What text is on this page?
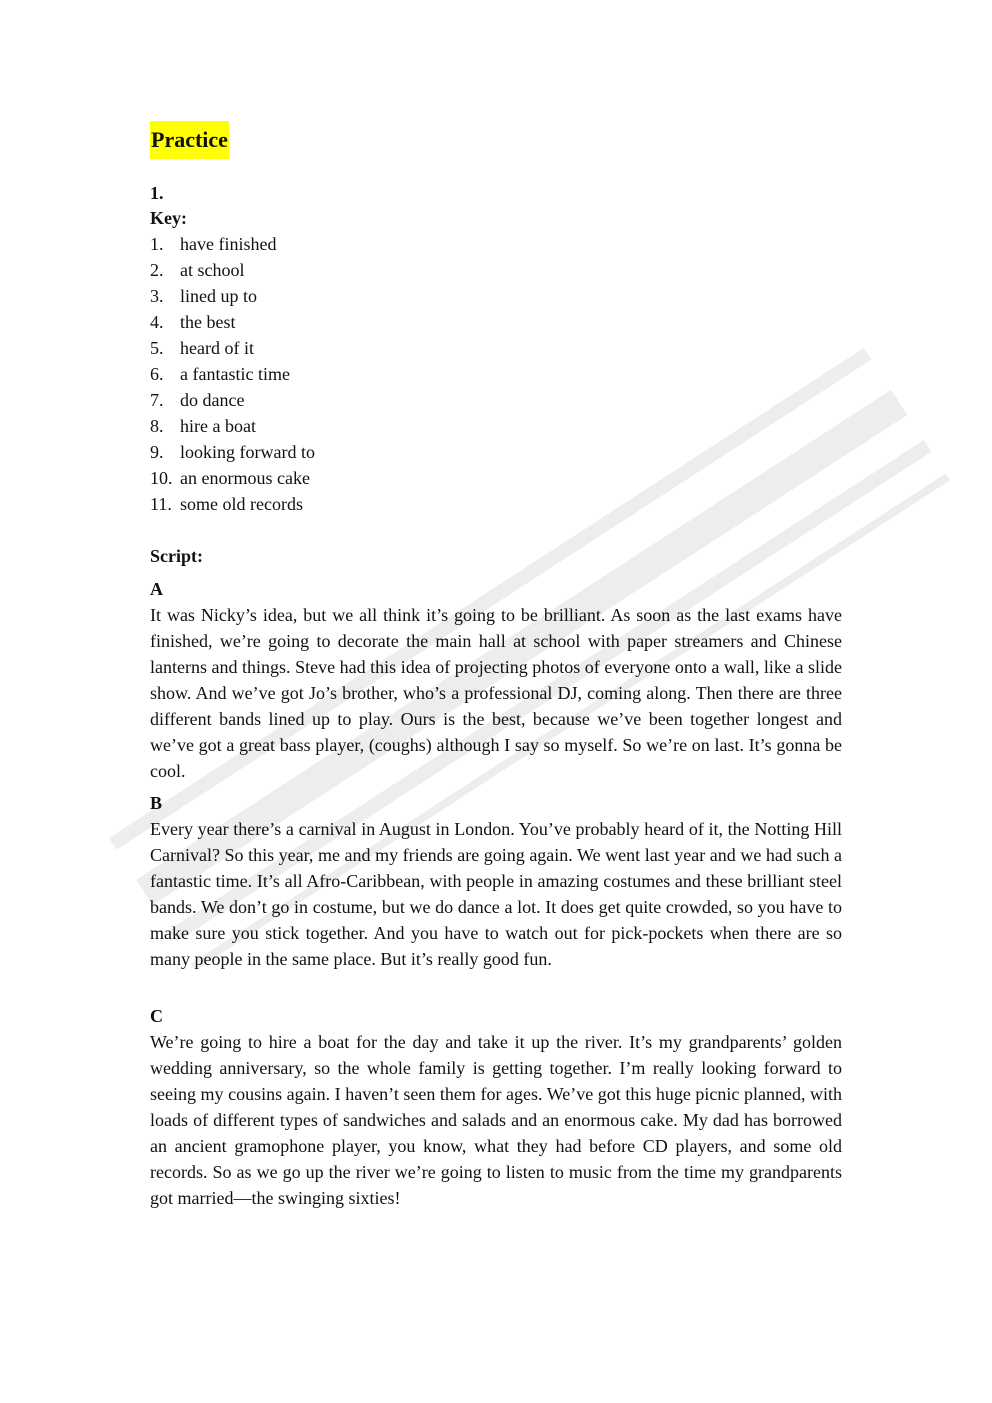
Practice

1.

Key:

1. have finished
2. at school
3. lined up to
4. the best
5. heard of it
6. a fantastic time
7. do dance
8. hire a boat
9. looking forward to
10. an enormous cake
11. some old records

Script:

A

It was Nicky’s idea, but we all think it’s going to be brilliant. As soon as the last exams have finished, we’re going to decorate the main hall at school with paper streamers and Chinese lanterns and things. Steve had this idea of projecting photos of everyone onto a wall, like a slide show. And we’ve got Jo’s brother, who’s a professional DJ, coming along. Then there are three different bands lined up to play. Ours is the best, because we’ve been together longest and we’ve got a great bass player, (coughs) although I say so myself. So we’re on last. It’s gonna be cool.

B

Every year there’s a carnival in August in London. You’ve probably heard of it, the Notting Hill Carnival? So this year, me and my friends are going again. We went last year and we had such a fantastic time. It’s all Afro-Caribbean, with people in amazing costumes and these brilliant steel bands. We don’t go in costume, but we do dance a lot. It does get quite crowded, so you have to make sure you stick together. And you have to watch out for pick-pockets when there are so many people in the same place. But it’s really good fun.

C

We’re going to hire a boat for the day and take it up the river. It’s my grandparents’ golden wedding anniversary, so the whole family is getting together. I’m really looking forward to seeing my cousins again. I haven’t seen them for ages. We’ve got this huge picnic planned, with loads of different types of sandwiches and salads and an enormous cake. My dad has borrowed an ancient gramophone player, you know, what they had before CD players, and some old records. So as we go up the river we’re going to listen to music from the time my grandparents got married—the swinging sixties!
